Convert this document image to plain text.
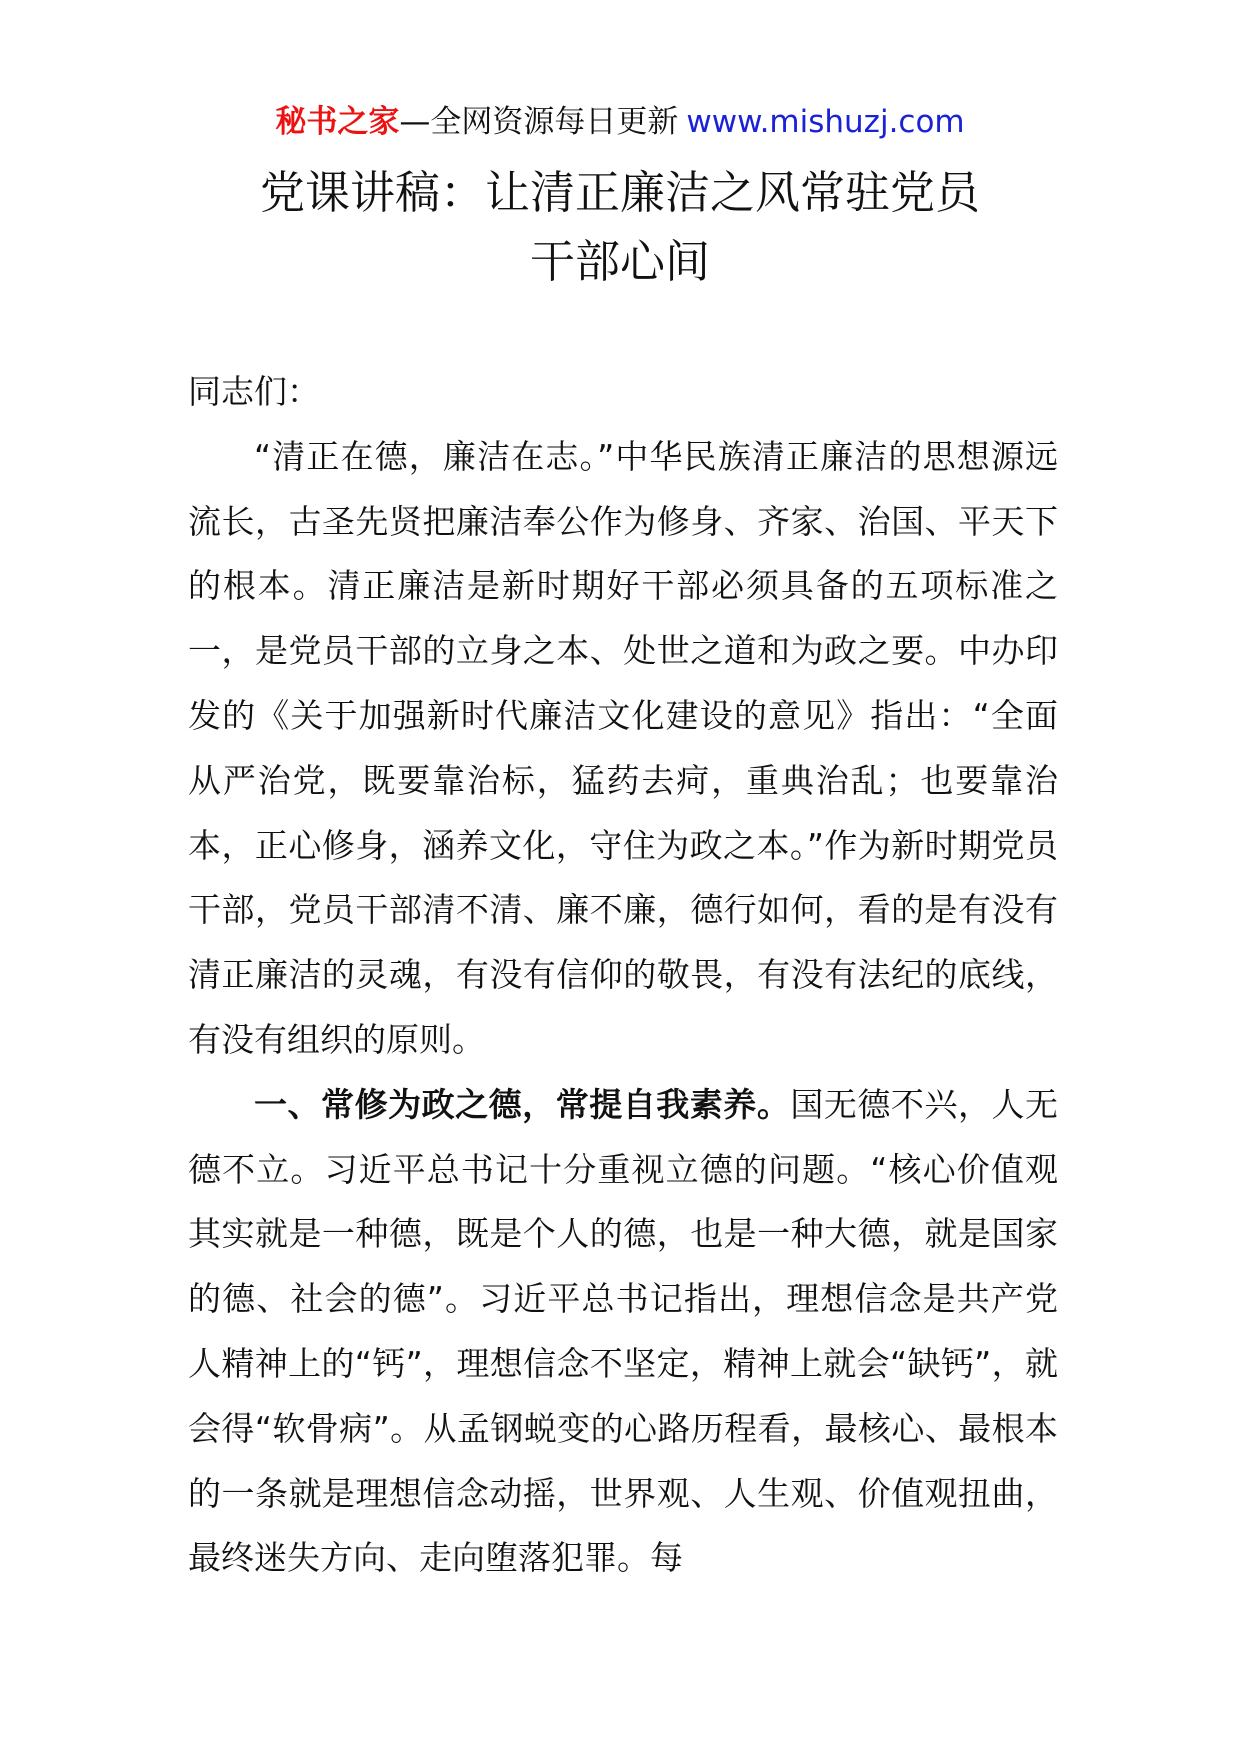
秘书之家—全网资源每日更新 www.mishuzj.com
党课讲稿：让清正廉洁之风常驻党员
干部心间

同志们：

“清正在德，廉洁在志。”中华民族清正廉洁的思想源远流长，古圣先贤把廉洁奉公作为修身、齐家、治国、平天下的根本。清正廉洁是新时期好干部必须具备的五项标准之一，是党员干部的立身之本、处世之道和为政之要。中办印发的《关于加强新时代廉洁文化建设的意见》指出：“全面从严治党，既要靠治标，猛药去疴，重典治乱；也要靠治本，正心修身，涵养文化，守住为政之本。”作为新时期党员干部，党员干部清不清、廉不廉，德行如何，看的是有没有清正廉洁的灵魂，有没有信仰的敬畏，有没有法纪的底线，有没有组织的原则。

一、常修为政之德，常提自我素养。国无德不兴，人无德不立。习近平总书记十分重视立德的问题。“核心价值观其实就是一种德，既是个人的德，也是一种大德，就是国家的德、社会的德”。习近平总书记指出，理想信念是共产党人精神上的“钙”，理想信念不坚定，精神上就会“缺钙”，就会得“软骨病”。从孟钢蜕变的心路历程看，最核心、最根本的一条就是理想信念动摇，世界观、人生观、价值观扭曲，最终迷失方向、走向堕落犯罪。每
